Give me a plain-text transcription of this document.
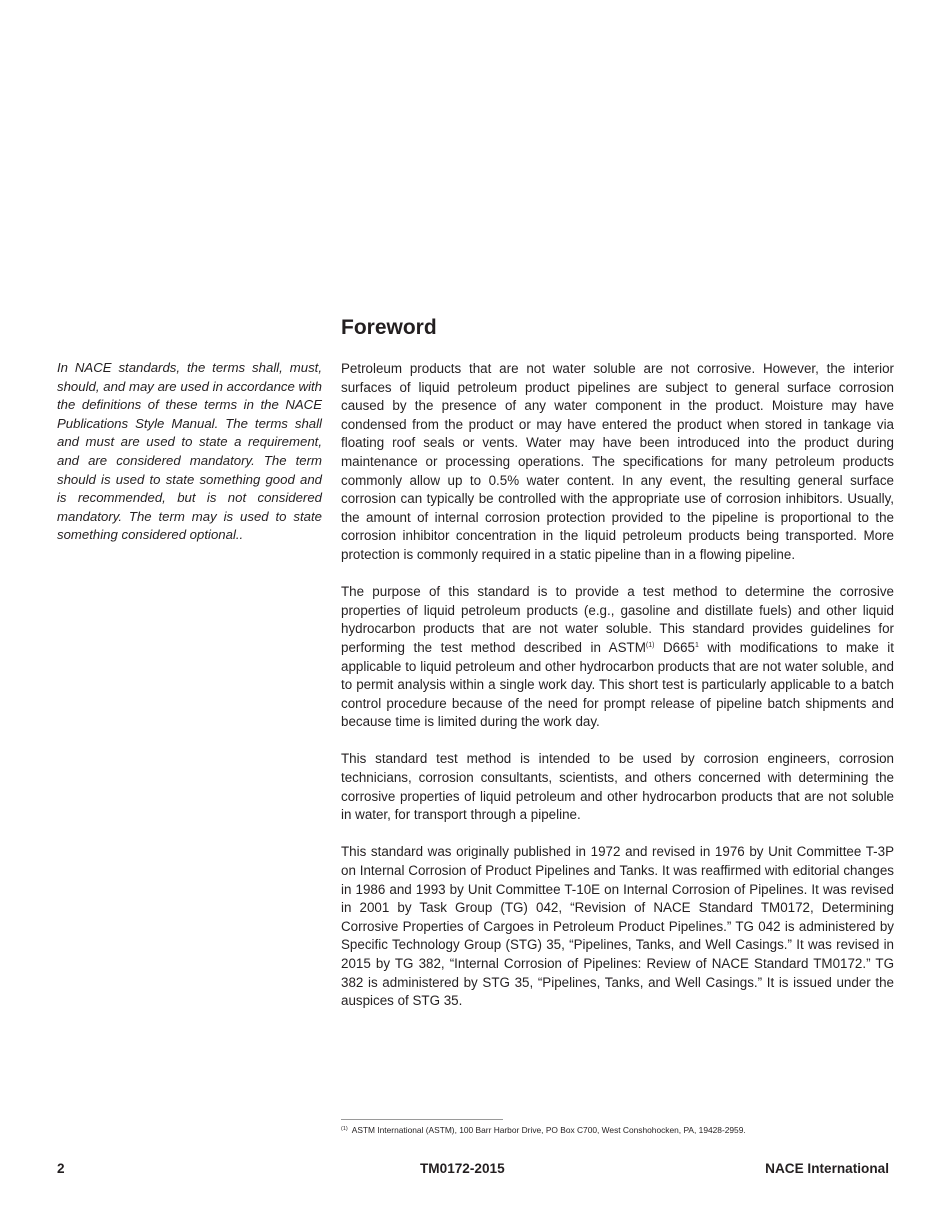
In NACE standards, the terms shall, must, should, and may are used in accordance with the definitions of these terms in the NACE Publications Style Manual. The terms shall and must are used to state a requirement, and are considered mandatory. The term should is used to state something good and is recommended, but is not considered mandatory. The term may is used to state something considered optional..

Foreword

Petroleum products that are not water soluble are not corrosive. However, the interior surfaces of liquid petroleum product pipelines are subject to general surface corrosion caused by the presence of any water component in the product. Moisture may have condensed from the product or may have entered the product when stored in tankage via floating roof seals or vents. Water may have been introduced into the product during maintenance or processing operations. The specifications for many petroleum products commonly allow up to 0.5% water content. In any event, the resulting general surface corrosion can typically be controlled with the appropriate use of corrosion inhibitors. Usually, the amount of internal corrosion protection provided to the pipeline is proportional to the corrosion inhibitor concentration in the liquid petroleum products being transported. More protection is commonly required in a static pipeline than in a flowing pipeline.

The purpose of this standard is to provide a test method to determine the corrosive properties of liquid petroleum products (e.g., gasoline and distillate fuels) and other liquid hydrocarbon products that are not water soluble. This standard provides guidelines for performing the test method described in ASTM$^{(1)}$ $D665^1$ with modifications to make it applicable to liquid petroleum and other hydrocarbon products that are not water soluble, and to permit analysis within a single work day. This short test is particularly applicable to a batch control procedure because of the need for prompt release of pipeline batch shipments and because time is limited during the work day.

This standard test method is intended to be used by corrosion engineers, corrosion technicians, corrosion consultants, scientists, and others concerned with determining the corrosive properties of liquid petroleum and other hydrocarbon products that are not soluble in water, for transport through a pipeline.

This standard was originally published in 1972 and revised in 1976 by Unit Committee T-3P on Internal Corrosion of Product Pipelines and Tanks. It was reaffirmed with editorial changes in 1986 and 1993 by Unit Committee T-10E on Internal Corrosion of Pipelines. It was revised in 2001 by Task Group (TG) 042, “Revision of NACE Standard TM0172, Determining Corrosive Properties of Cargoes in Petroleum Product Pipelines.” TG 042 is administered by Specific Technology Group (STG) 35, “Pipelines, Tanks, and Well Casings.” It was revised in 2015 by TG 382, “Internal Corrosion of Pipelines: Review of NACE Standard TM0172.” TG 382 is administered by STG 35, “Pipelines, Tanks, and Well Casings.” It is issued under the auspices of STG 35.

$^{(1)}$ ASTM International (ASTM), 100 Barr Harbor Drive, PO Box C700, West Conshohocken, PA, 19428-2959.

2	TM0172-2015	NACE International
